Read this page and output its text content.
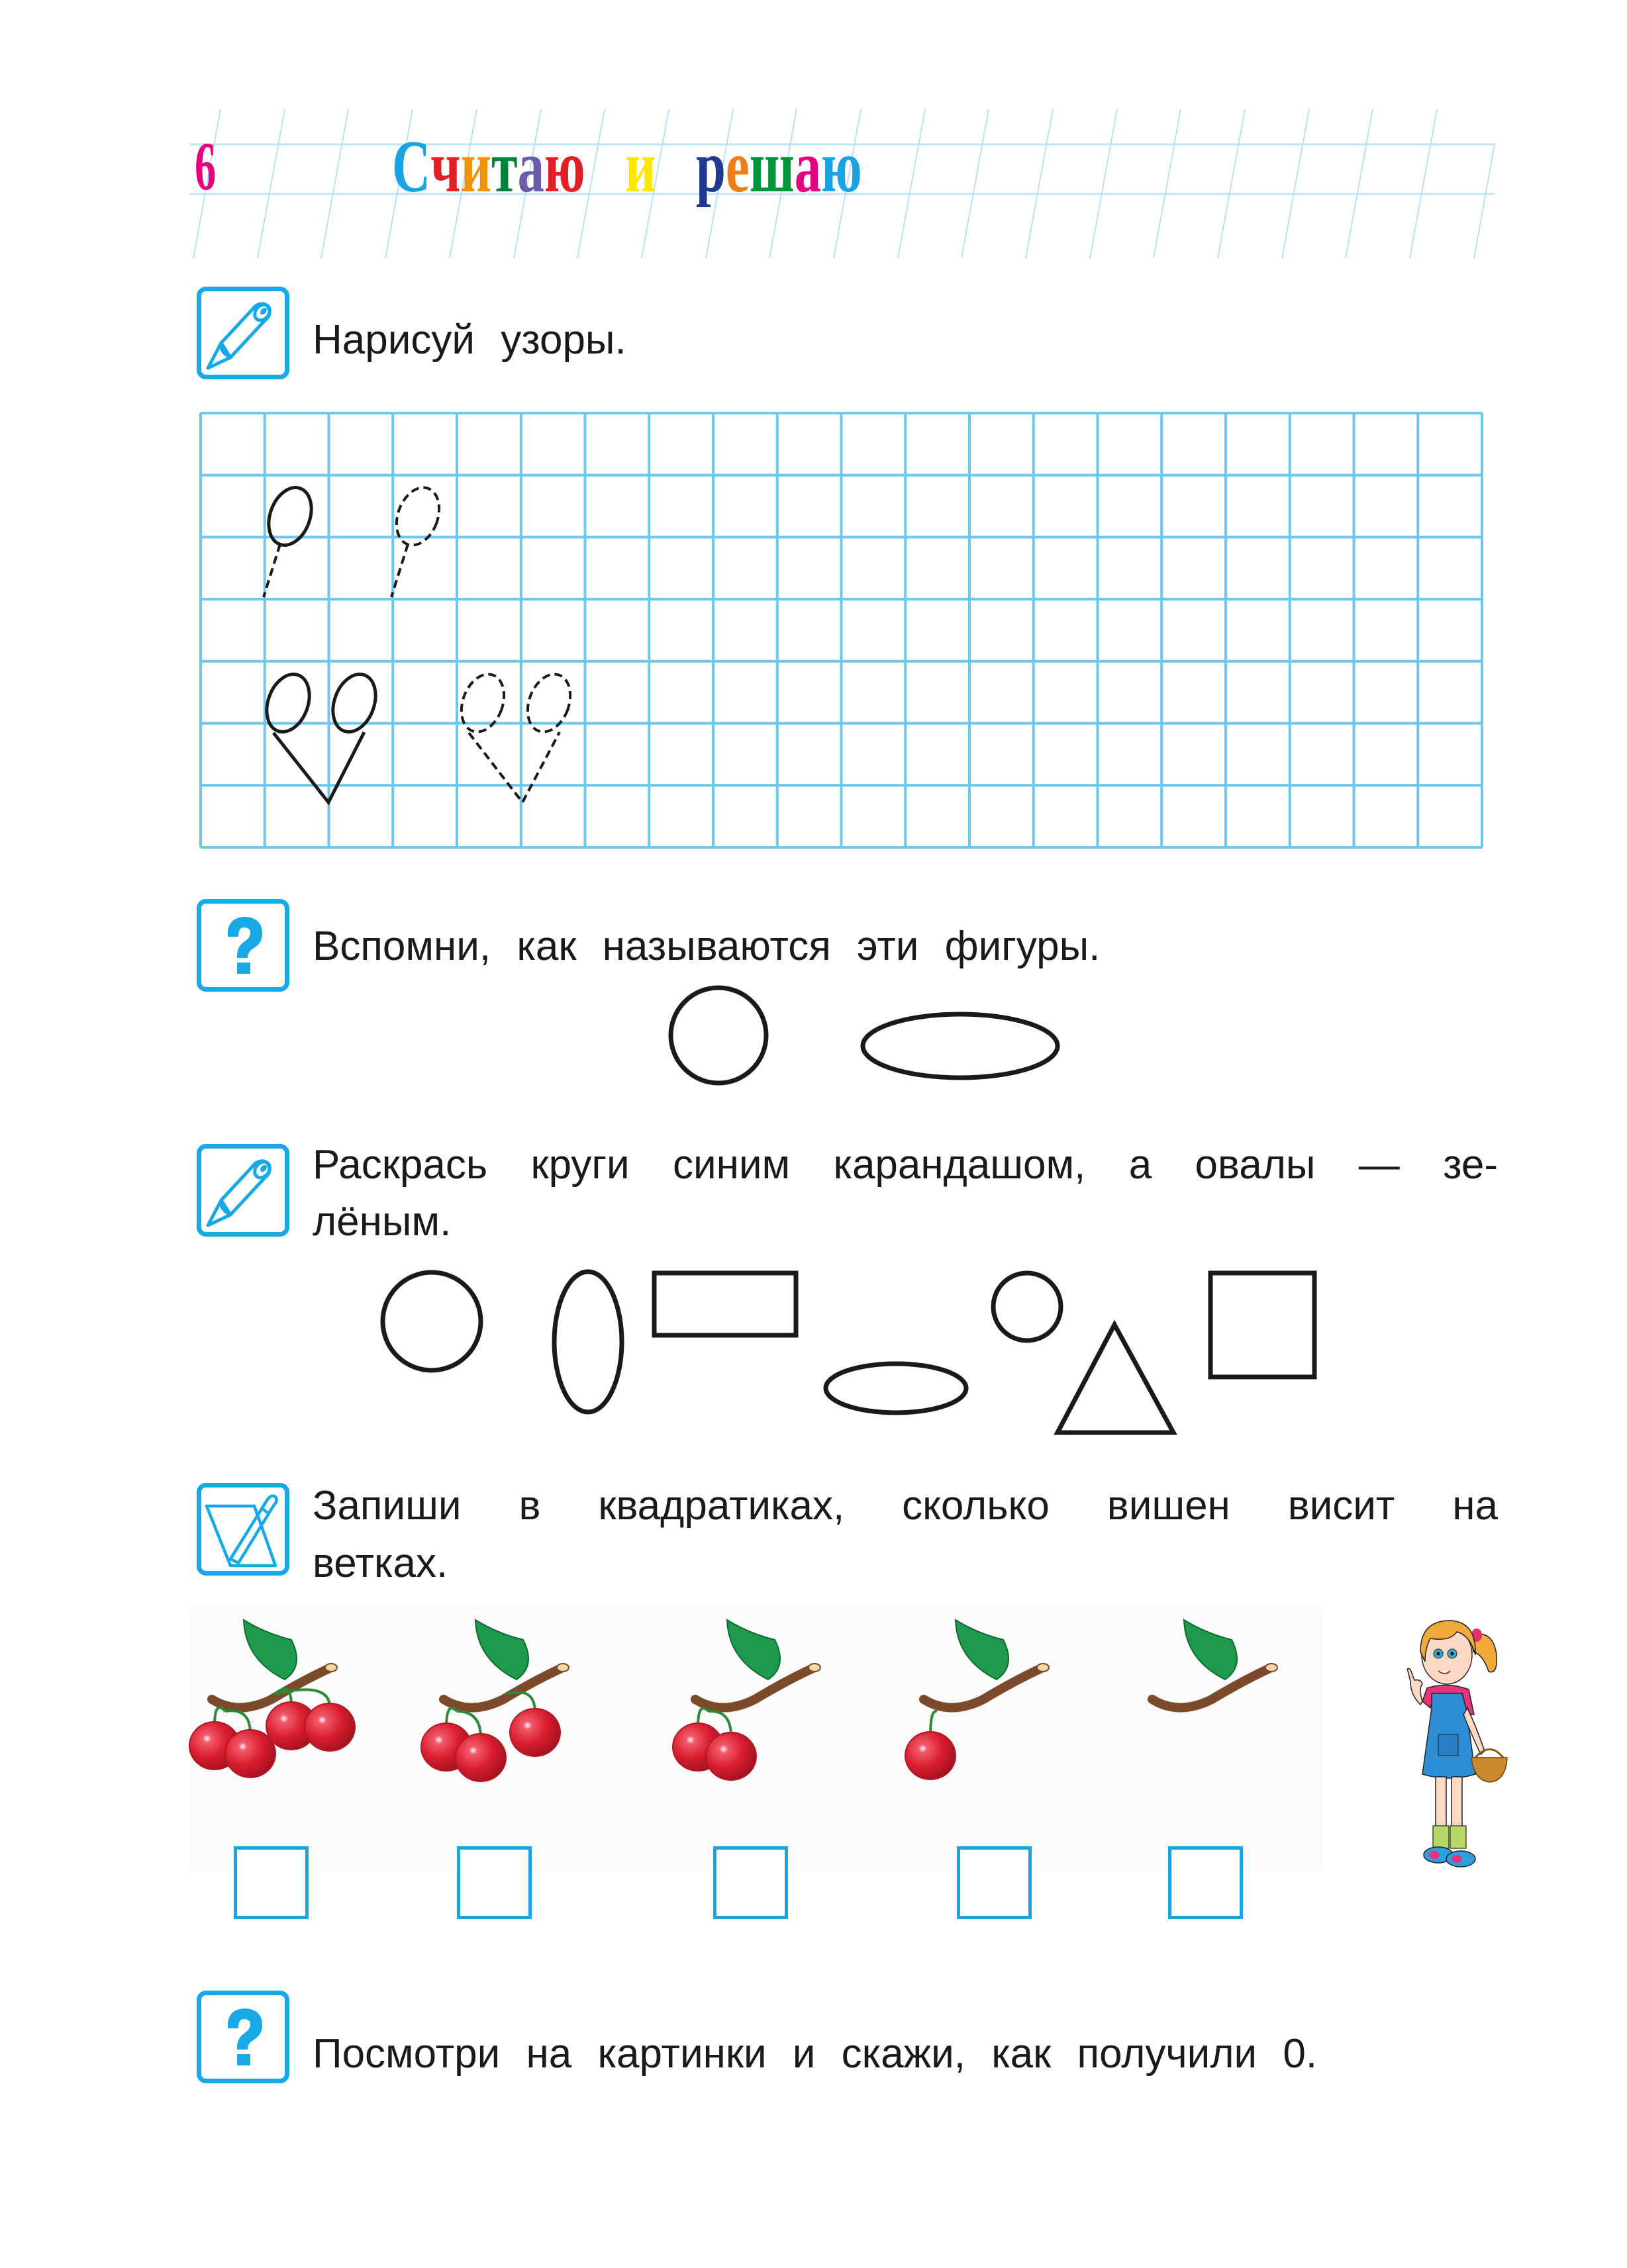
6	Считаю и решаю
Нарисуй узоры.
Вспомни, как называются эти фигуры.
Раскрась круги синим карандашом, а овалы — зе-
лёным.
Запиши в квадратиках, сколько вишен висит на
ветках.
Посмотри на картинки и скажи, как получили 0.
